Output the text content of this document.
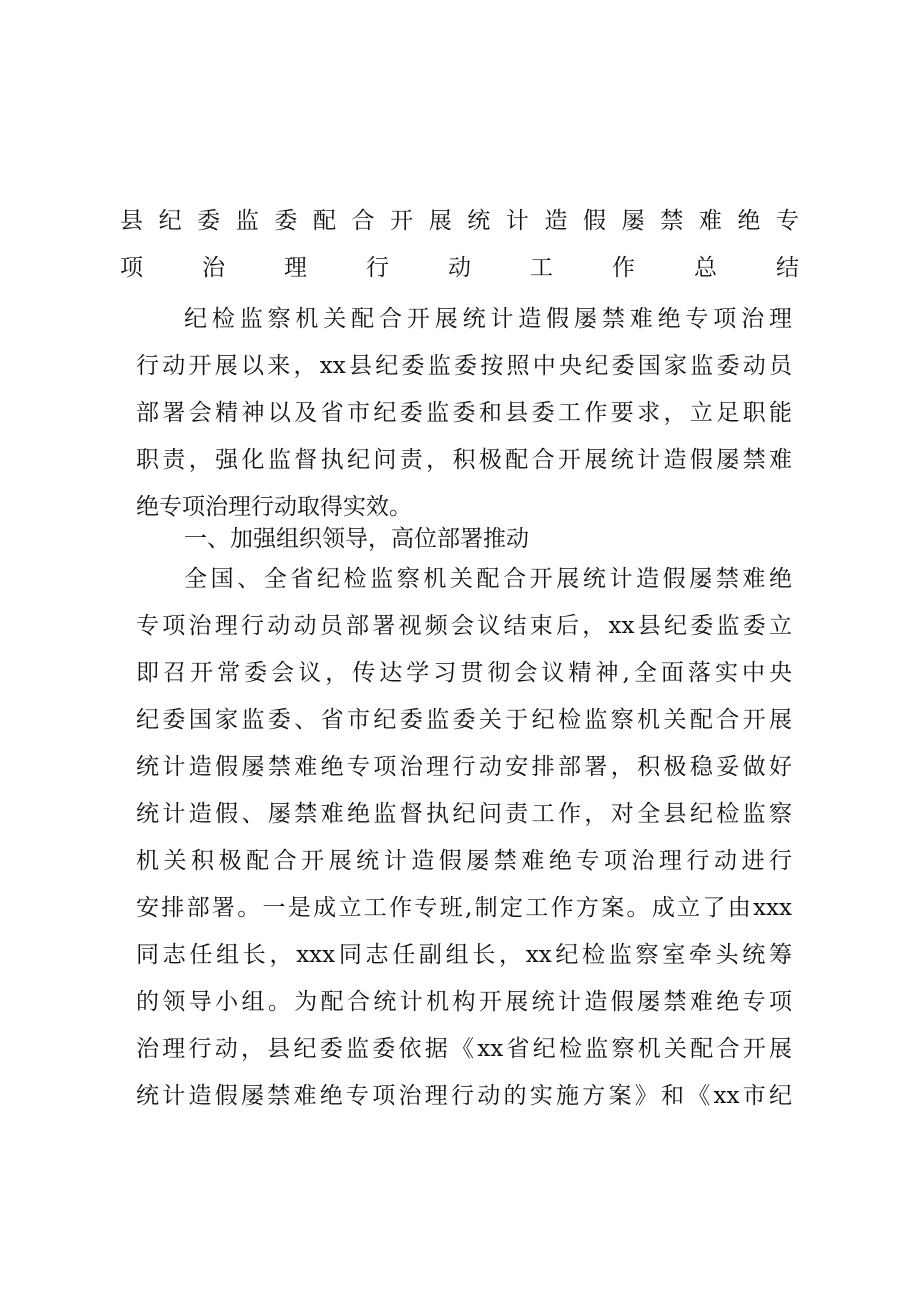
县纪委监委配合开展统计造假屡禁难绝专
项治理行动工作总结
纪检监察机关配合开展统计造假屡禁难绝专项治理
行动开展以来，xx县纪委监委按照中央纪委国家监委动员
部署会精神以及省市纪委监委和县委工作要求，立足职能
职责，强化监督执纪问责，积极配合开展统计造假屡禁难
绝专项治理行动取得实效。
一、加强组织领导，高位部署推动
全国、全省纪检监察机关配合开展统计造假屡禁难绝
专项治理行动动员部署视频会议结束后，xx县纪委监委立
即召开常委会议，传达学习贯彻会议精神,全面落实中央
纪委国家监委、省市纪委监委关于纪检监察机关配合开展
统计造假屡禁难绝专项治理行动安排部署，积极稳妥做好
统计造假、屡禁难绝监督执纪问责工作，对全县纪检监察
机关积极配合开展统计造假屡禁难绝专项治理行动进行
安排部署。一是成立工作专班,制定工作方案。成立了由xxx
同志任组长，xxx同志任副组长，xx纪检监察室牵头统筹
的领导小组。为配合统计机构开展统计造假屡禁难绝专项
治理行动，县纪委监委依据《xx省纪检监察机关配合开展
统计造假屡禁难绝专项治理行动的实施方案》和《xx市纪
